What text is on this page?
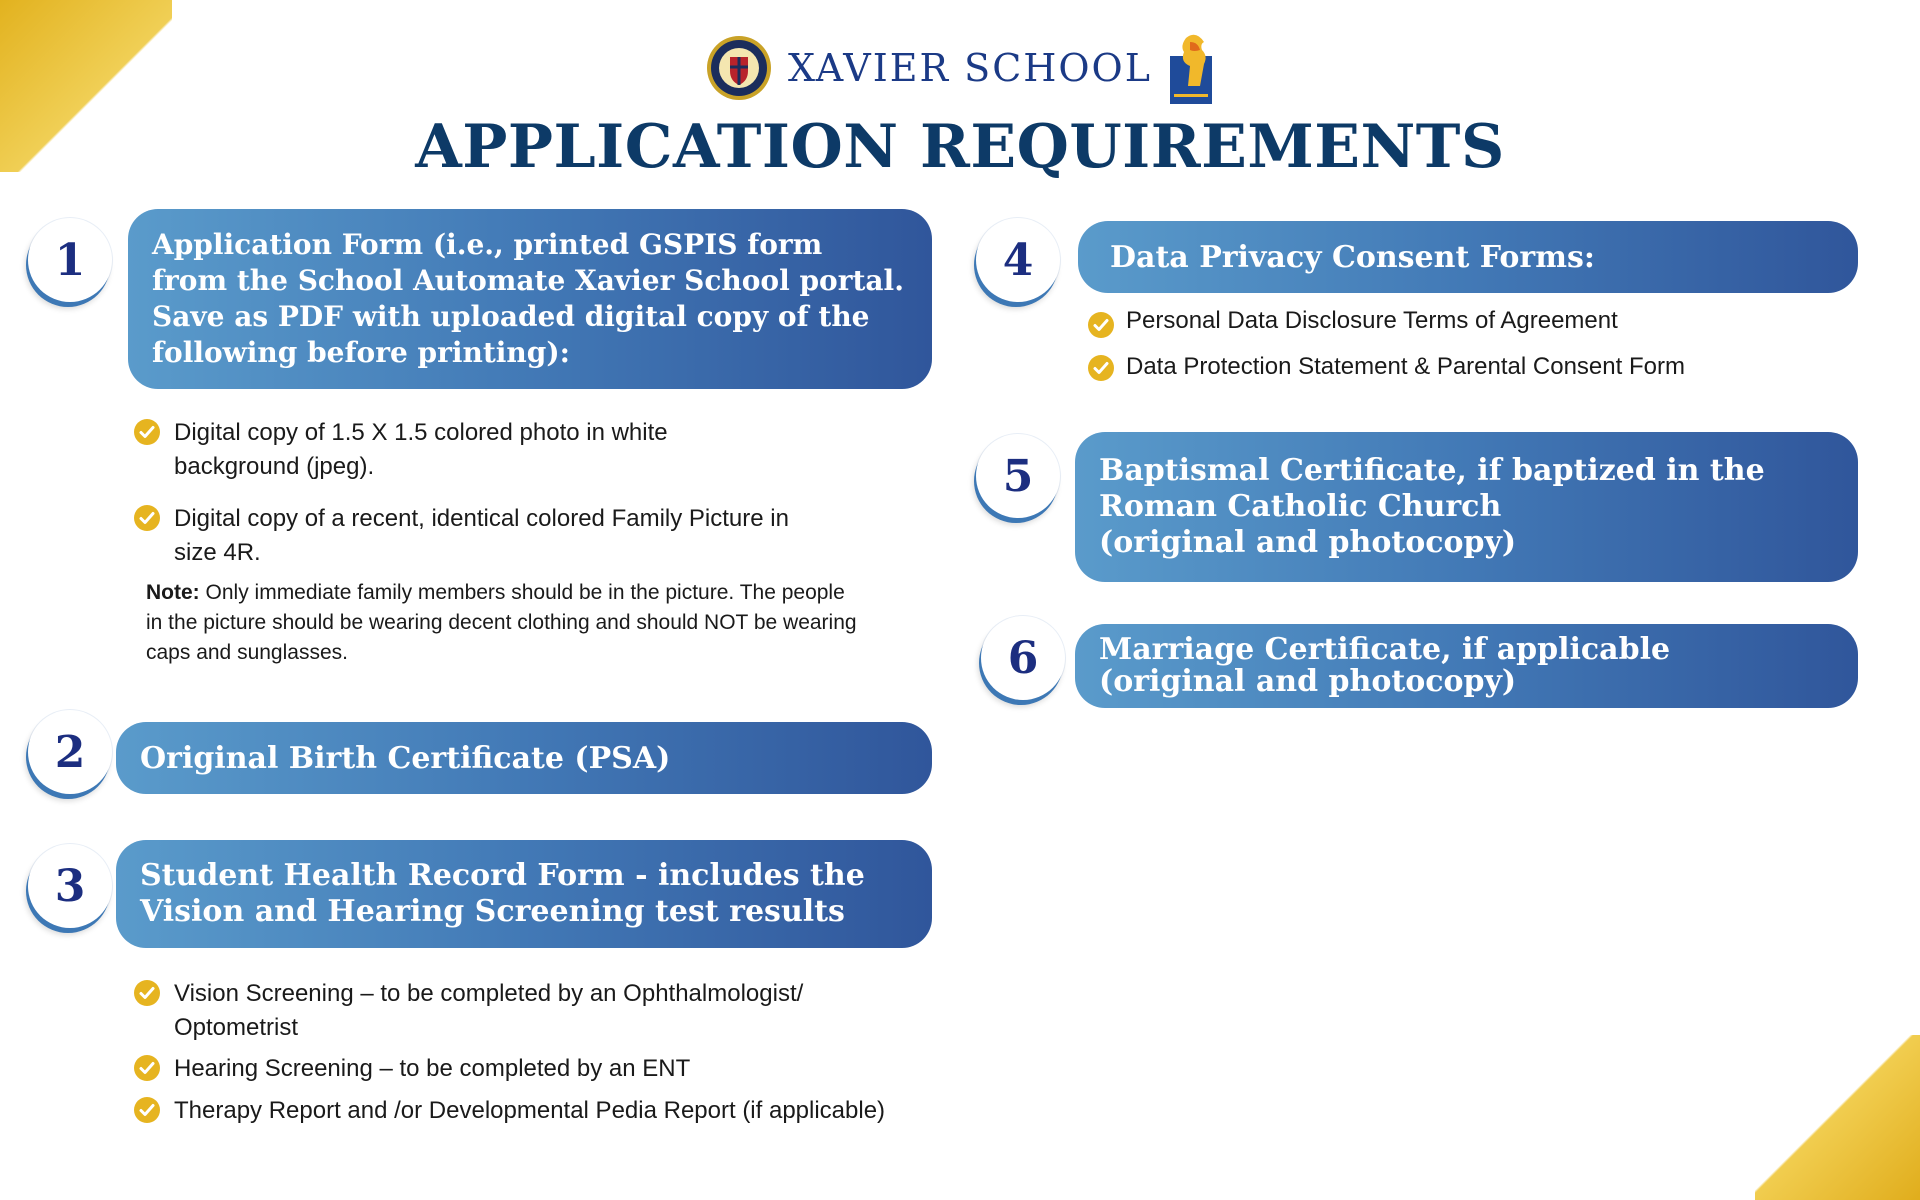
XAVIER SCHOOL
APPLICATION REQUIREMENTS
1	Application Form (i.e., printed GSPIS form
from the School Automate Xavier School portal.
Save as PDF with uploaded digital copy of the
following before printing):
Digital copy of 1.5 X 1.5 colored photo in white
background (jpeg).
Digital copy of a recent, identical colored Family Picture in
size 4R.
Note: Only immediate family members should be in the picture. The people in the picture should be wearing decent clothing and should NOT be wearing caps and sunglasses.
2	Original Birth Certificate (PSA)
3	Student Health Record Form - includes the
Vision and Hearing Screening test results
Vision Screening – to be completed by an Ophthalmologist/
Optometrist
Hearing Screening – to be completed by an ENT
Therapy Report and /or Developmental Pedia Report (if applicable)
4	Data Privacy Consent Forms:
Personal Data Disclosure Terms of Agreement
Data Protection Statement & Parental Consent Form
5	Baptismal Certificate, if baptized in the
Roman Catholic Church
(original and photocopy)
6	Marriage Certificate, if applicable
(original and photocopy)
